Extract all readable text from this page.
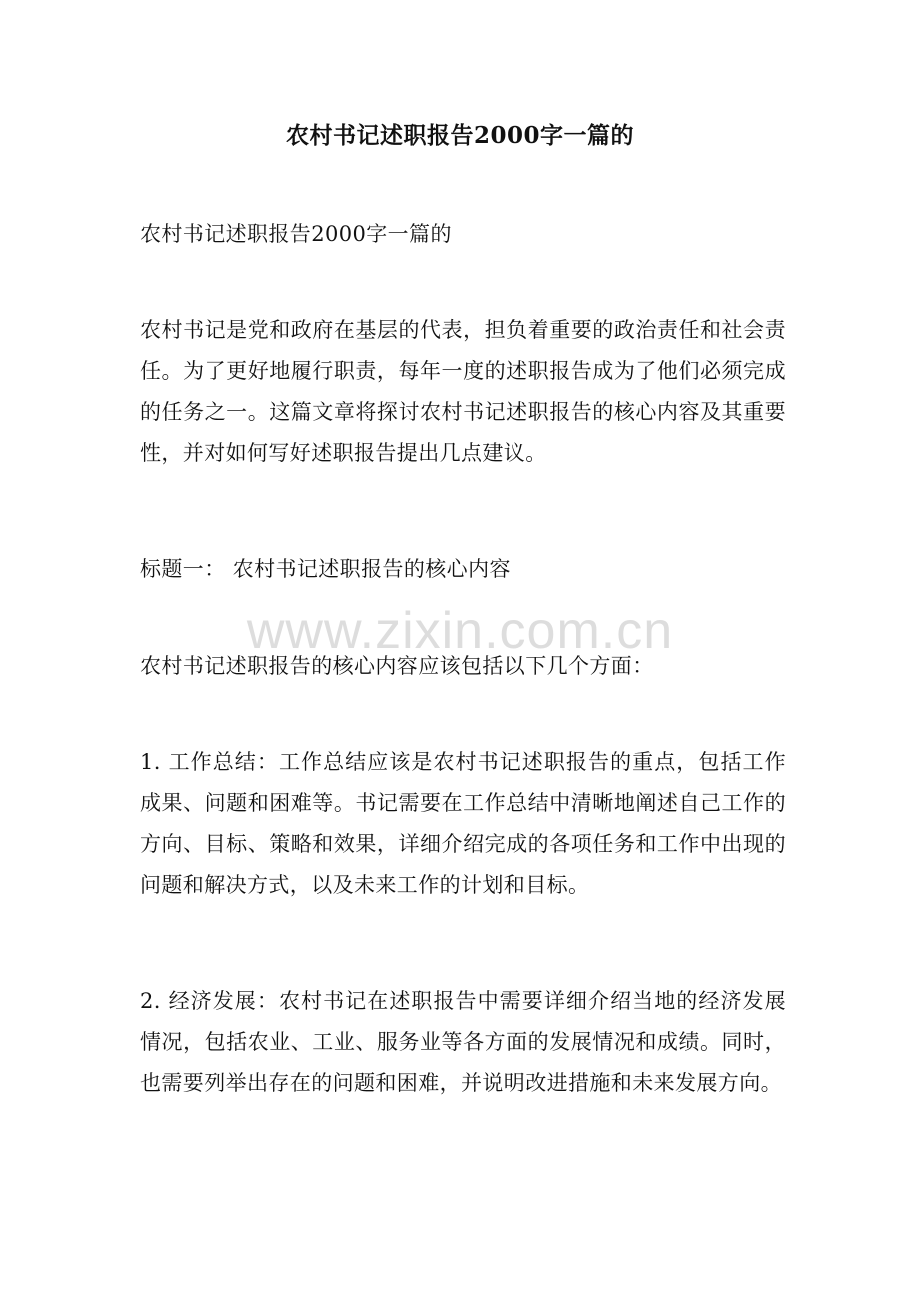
农村书记述职报告2000字一篇的
农村书记述职报告2000字一篇的
农村书记是党和政府在基层的代表，担负着重要的政治责任和社会责任。为了更好地履行职责，每年一度的述职报告成为了他们必须完成的任务之一。这篇文章将探讨农村书记述职报告的核心内容及其重要性，并对如何写好述职报告提出几点建议。
标题一： 农村书记述职报告的核心内容
农村书记述职报告的核心内容应该包括以下几个方面：
1. 工作总结：工作总结应该是农村书记述职报告的重点，包括工作成果、问题和困难等。书记需要在工作总结中清晰地阐述自己工作的方向、目标、策略和效果，详细介绍完成的各项任务和工作中出现的问题和解决方式，以及未来工作的计划和目标。
2. 经济发展：农村书记在述职报告中需要详细介绍当地的经济发展情况，包括农业、工业、服务业等各方面的发展情况和成绩。同时，也需要列举出存在的问题和困难，并说明改进措施和未来发展方向。
www.zixin.com.cn
